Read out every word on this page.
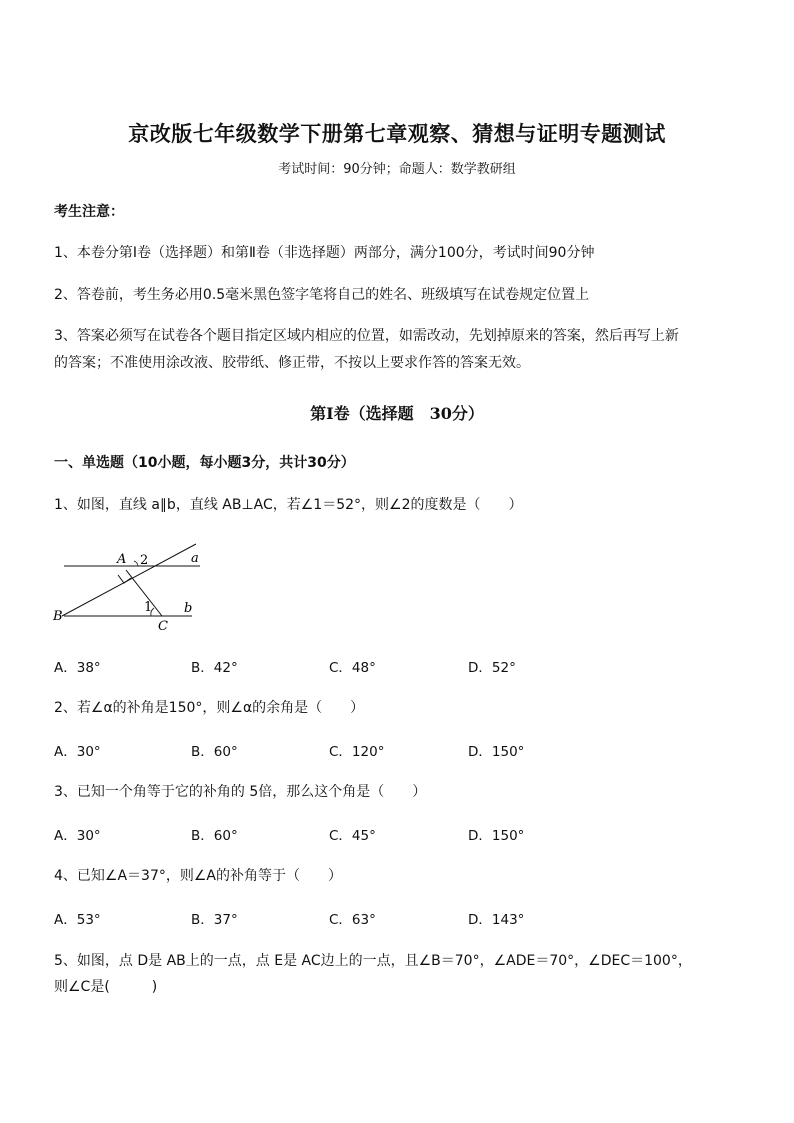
京改版七年级数学下册第七章观察、猜想与证明专题测试
考试时间：90分钟；命题人：数学教研组
考生注意：
1、本卷分第Ⅰ卷（选择题）和第Ⅱ卷（非选择题）两部分，满分100分，考试时间90分钟
2、答卷前，考生务必用0.5毫米黑色签字笔将自己的姓名、班级填写在试卷规定位置上
3、答案必须写在试卷各个题目指定区域内相应的位置，如需改动，先划掉原来的答案，然后再写上新
的答案；不准使用涂改液、胶带纸、修正带，不按以上要求作答的答案无效。
第Ⅰ卷（选择题　30分）
一、单选题（10小题，每小题3分，共计30分）
1、如图，直线 a∥b，直线 AB⊥AC，若∠1＝52°，则∠2的度数是（　　）
A 2	a
B
1 b
C
A．38°	B．42°	C．48°	D．52°
2、若∠α的补角是150°，则∠α的余角是（　　）
A．30°	B．60°	C．120°	D．150°
3、已知一个角等于它的补角的 5倍，那么这个角是（　　）
A．30°	B．60°	C．45°	D．150°
4、已知∠A＝37°，则∠A的补角等于（　　）
A．53°	B．37°	C．63°	D．143°
5、如图，点 D是 AB上的一点，点 E是 AC边上的一点，且∠B＝70°，∠ADE＝70°，∠DEC＝100°，
则∠C是(　　　)
